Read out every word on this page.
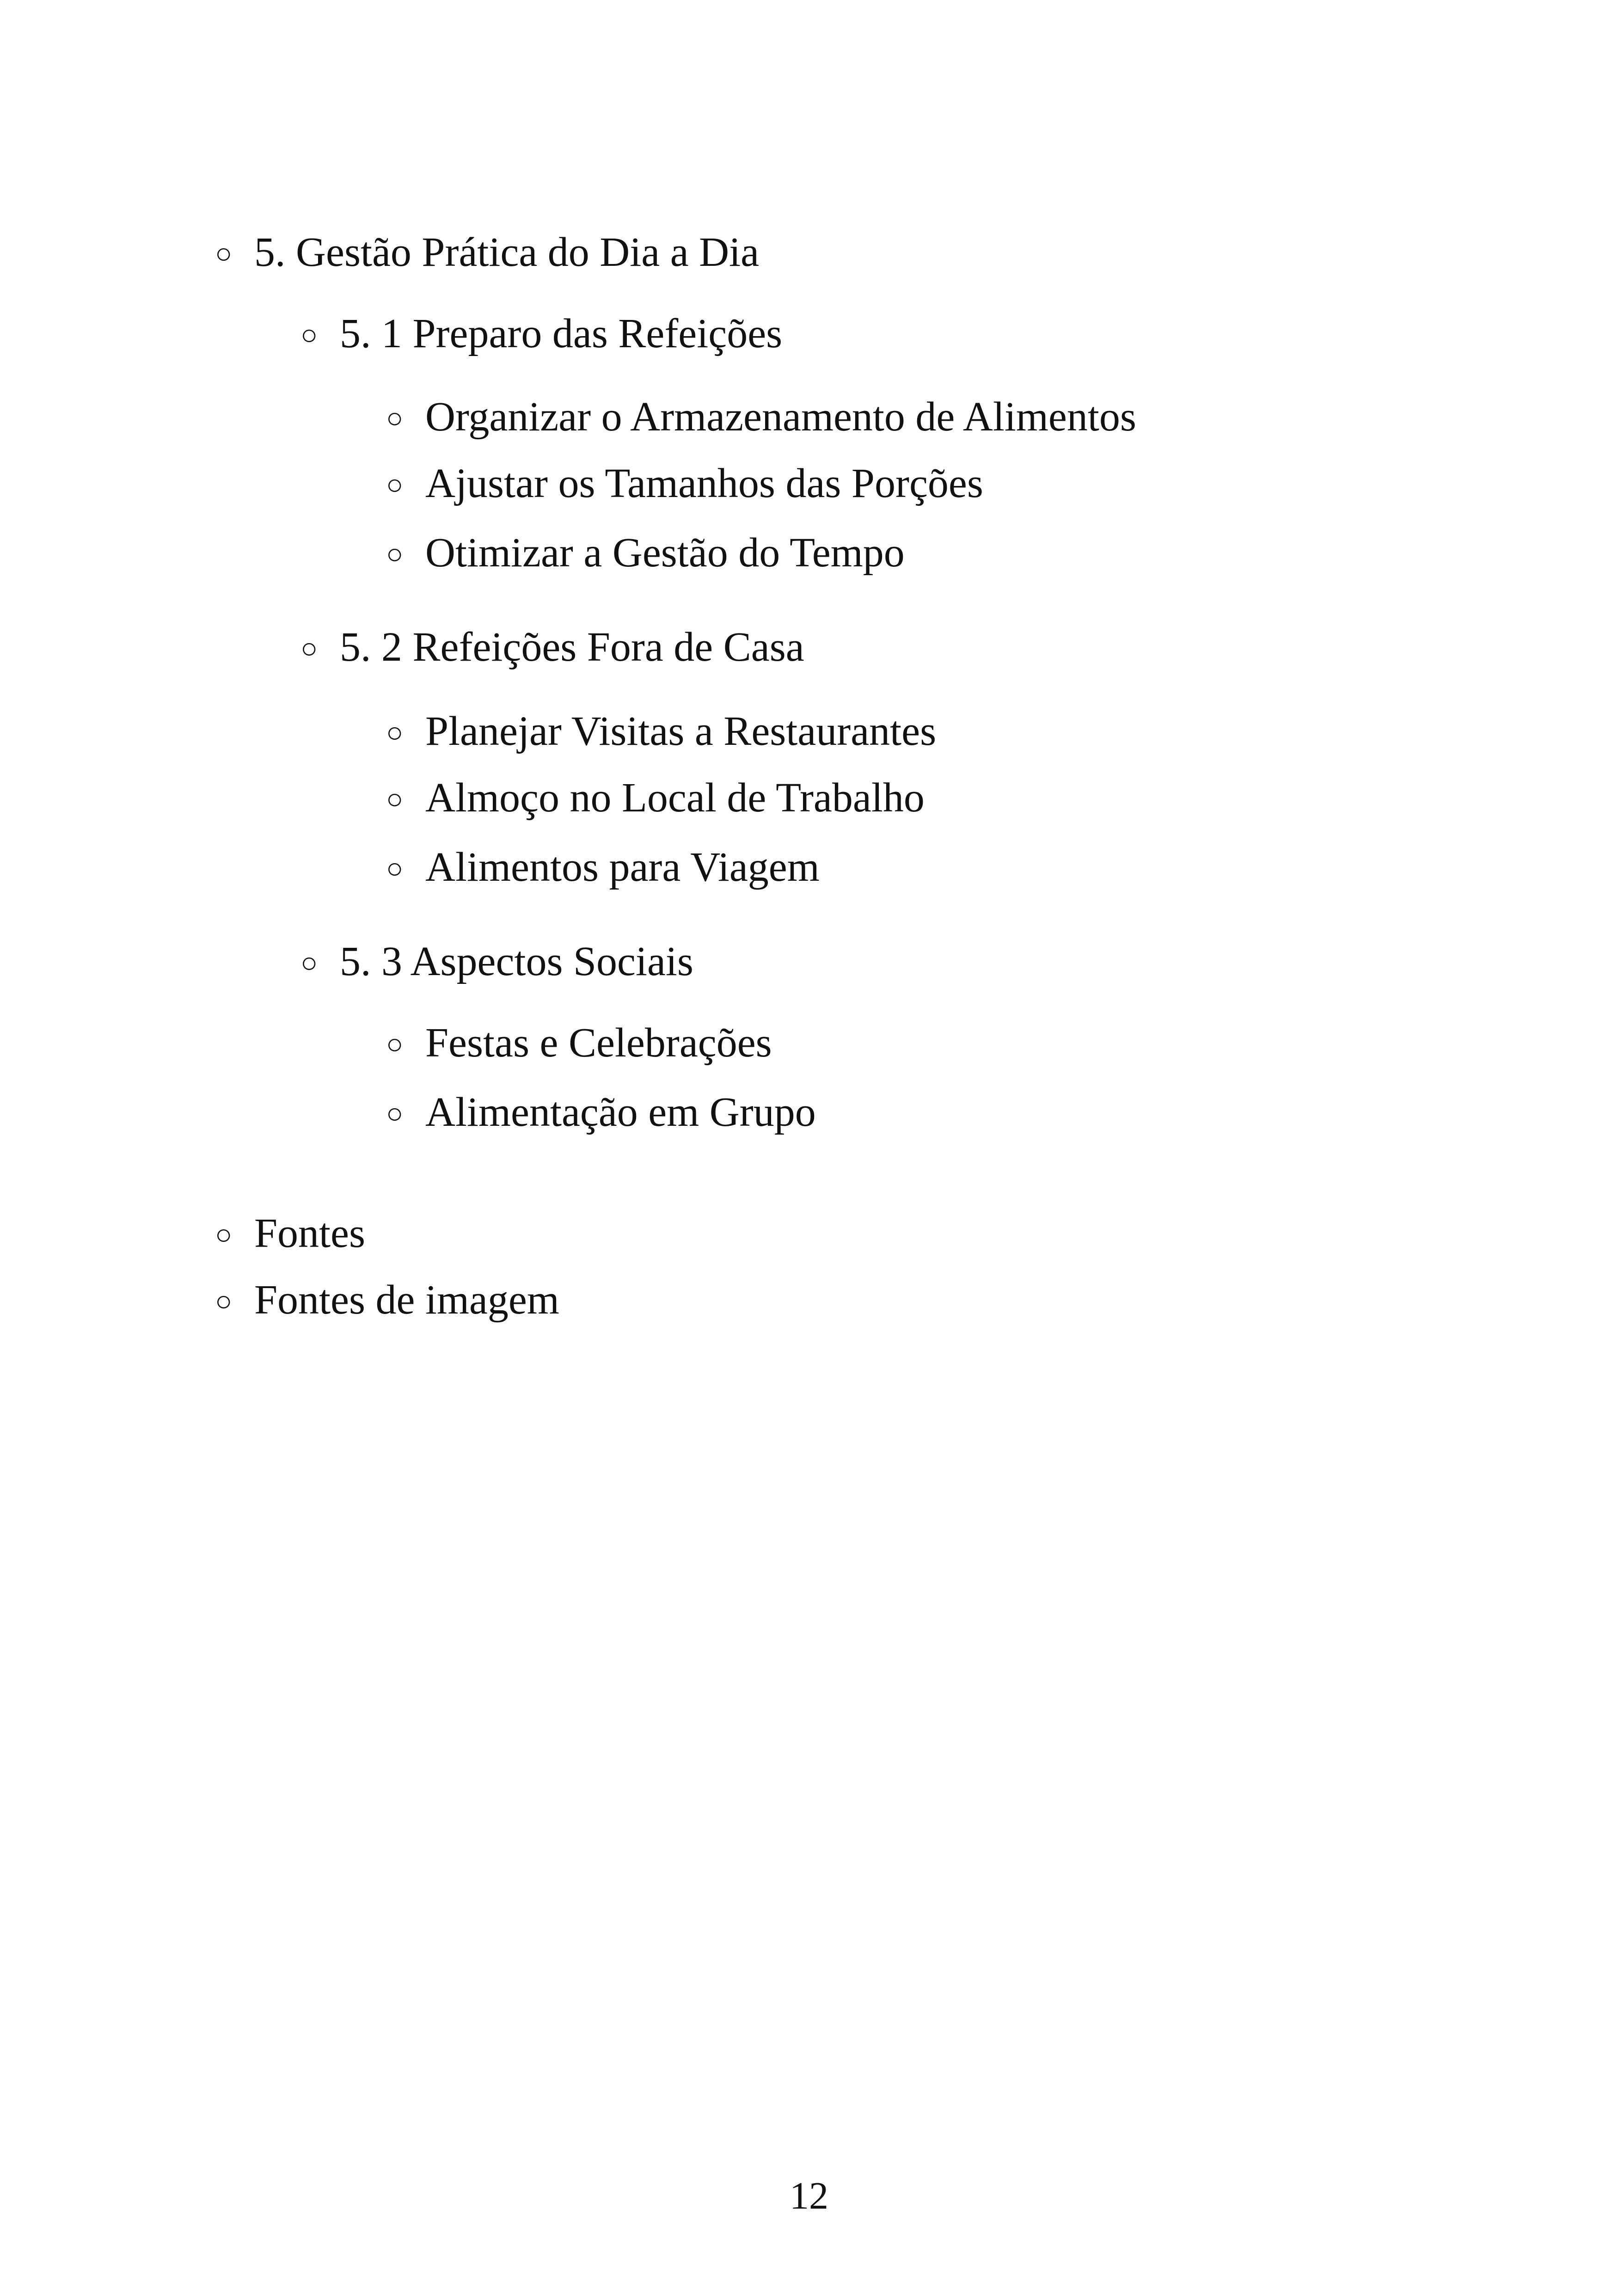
○ 5. Gestão Prática do Dia a Dia
○ 5. 1 Preparo das Refeições
○ Organizar o Armazenamento de Alimentos
○ Ajustar os Tamanhos das Porções
○ Otimizar a Gestão do Tempo
○ 5. 2 Refeições Fora de Casa
○ Planejar Visitas a Restaurantes
○ Almoço no Local de Trabalho
○ Alimentos para Viagem
○ 5. 3 Aspectos Sociais
○ Festas e Celebrações
○ Alimentação em Grupo
○ Fontes
○ Fontes de imagem
12
